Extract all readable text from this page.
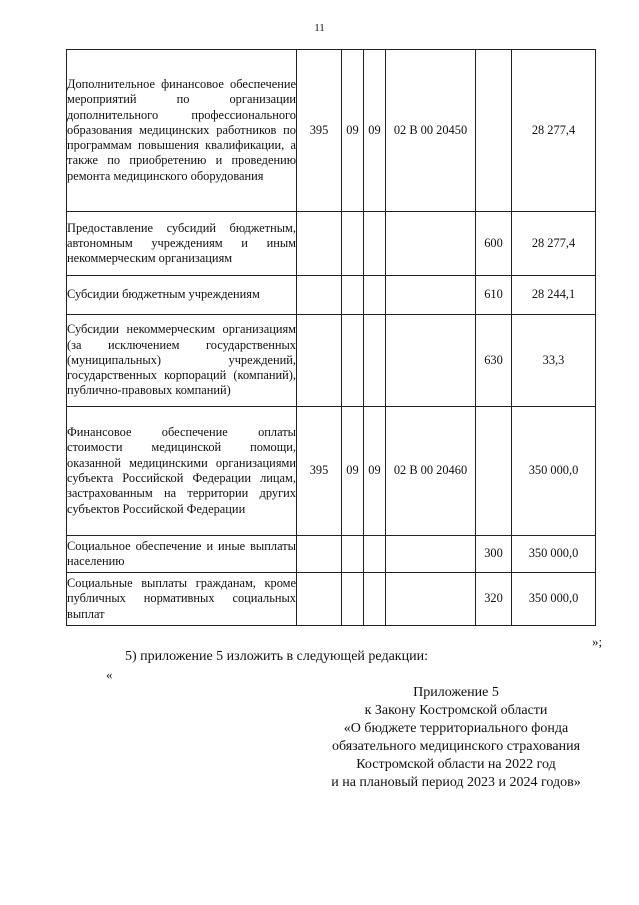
11
Дополнительное финансовое обеспечение мероприятий по организации дополнительного профессионального образования медицинских работников по программам повышения квалификации, а также по приобретению и проведению ремонта медицинского оборудования	395	09	09	02 В 00 20450		28 277,4
Предоставление субсидий бюджетным, автономным учреждениям и иным некоммерческим организациям					600	28 277,4
Субсидии бюджетным учреждениям					610	28 244,1
Субсидии некоммерческим организациям (за исключением государственных (муниципальных) учреждений, государственных корпораций (компаний), публично-правовых компаний)					630	33,3
Финансовое обеспечение оплаты стоимости медицинской помощи, оказанной медицинскими организациями субъекта Российской Федерации лицам, застрахованным на территории других субъектов Российской Федерации	395	09	09	02 В 00 20460		350 000,0
Социальное обеспечение и иные выплаты населению					300	350 000,0
Социальные выплаты гражданам, кроме публичных нормативных социальных выплат					320	350 000,0
»;
5) приложение 5 изложить в следующей редакции:
«
Приложение 5
к Закону Костромской области
«О бюджете территориального фонда
обязательного медицинского страхования
Костромской области на 2022 год
и на плановый период 2023 и 2024 годов»
